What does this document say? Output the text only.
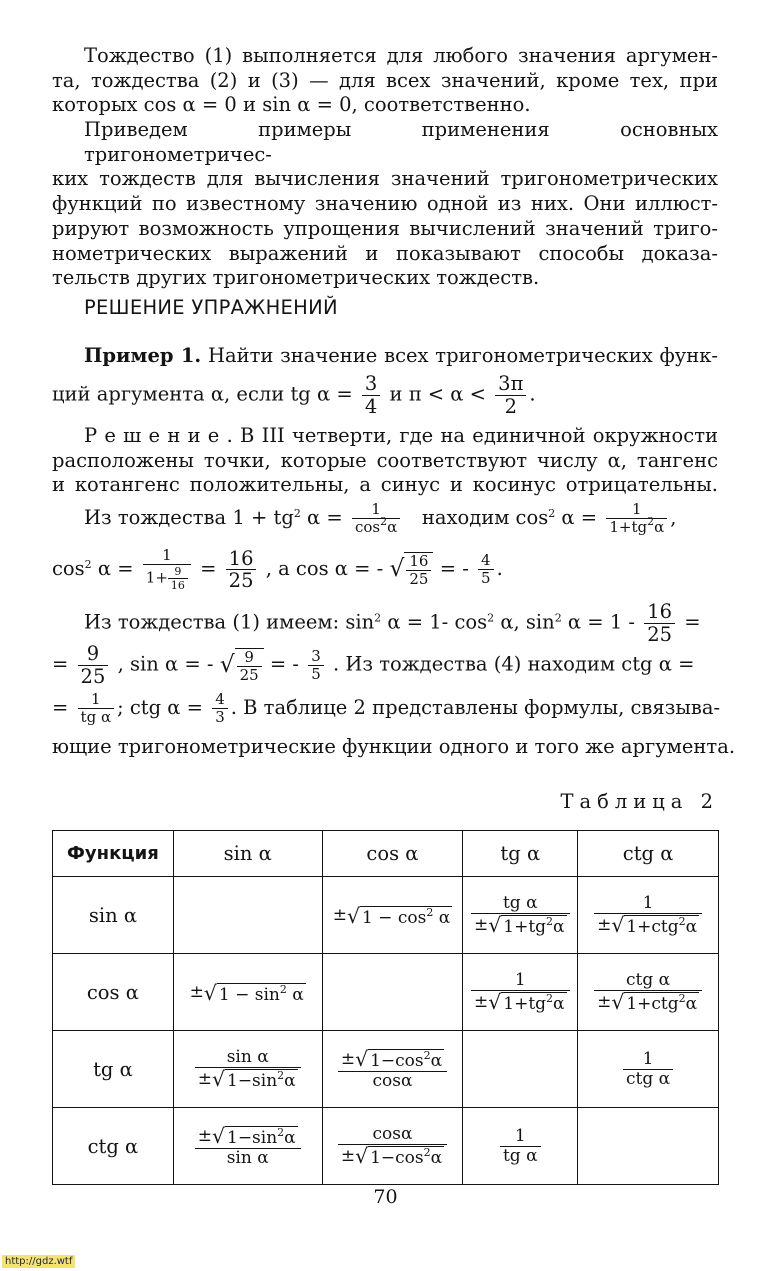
Тождество (1) выполняется для любого значения аргумен-
та, тождества (2) и (3) — для всех значений, кроме тех, при
которых cos α = 0 и sin α = 0, соответственно.
Приведем примеры применения основных тригонометричес-
ких тождеств для вычисления значений тригонометрических
функций по известному значению одной из них. Они иллюст-
рируют возможность упрощения вычислений значений триго-
нометрических выражений и показывают способы доказа-
тельств других тригонометрических тождеств.
РЕШЕНИЕ УПРАЖНЕНИЙ
Пример 1. Найти значение всех тригонометрических функ-
ций аргумента α, если tg $\alpha = \frac{3}{4}$ и $\pi < \alpha < \frac{3\pi}{2}$ .
Р е ш е н и е . В III четверти, где на единичной окружности
расположены точки, которые соответствуют числу α, тангенс
и котангенс положительны, а синус и косинус отрицательны.
Из тождества $1 + tg^2$ $\alpha = \frac{1}{\cos^2\alpha}$ находим $\cos^2 \alpha = \frac{1}{1+tg^2\alpha}$ ,
$\cos^2 \alpha = \frac{1}{1+ \frac{9}{16}} = \frac{16}{25}$ , а cos α = - √ $\frac{16}{25}$ = - $\frac{4}{5}$ .
Из тождества (1) имеем: $\sin^2 \alpha = 1-$ $\cos^2 \alpha$, $\sin^2 \alpha = 1 - \frac{16}{25}$ =
= $\frac{9}{25}$ , sin α = - √ $\frac{9}{25}$ = - $\frac{3}{5}$ . Из тождества (4) находим ctg α =
= $\frac{1}{\text{tg α}}$ ; ctg $\alpha = \frac{4}{3}$ . В таблице 2 представлены формулы, связыва-
ющие тригонометрические функции одного и того же аргумента.
Таблица 2
Функция	sin α	cos α	tg α	ctg α
sin α		±√ $1 - \cos^2 \alpha$	$\frac{\text{tg α}}{\pm√ 1+tg^2\alpha}$	1
±√ 1+ctg$^2$α

cos α	±√ $1 - \sin^2 \alpha$		$\frac{1}{\pm√ 1+tg^2\alpha}$	ctg α
±√ 1+ctg$^2$α

tg α	$\frac{\text{sin α}}{\pm√ 1-\sin^2\alpha}$	$\frac{\pm√ 1-\cos^2\alpha}{\cos\alpha}$		1
ctg α

ctg α	$\frac{\pm√ 1-\sin^2\alpha}{\text{sin α}}$	$\frac{\cos\alpha}{\pm√ 1-\cos^2\alpha}$	$\frac{1}{\text{tg α}}$

70
http://gdz.wtf
